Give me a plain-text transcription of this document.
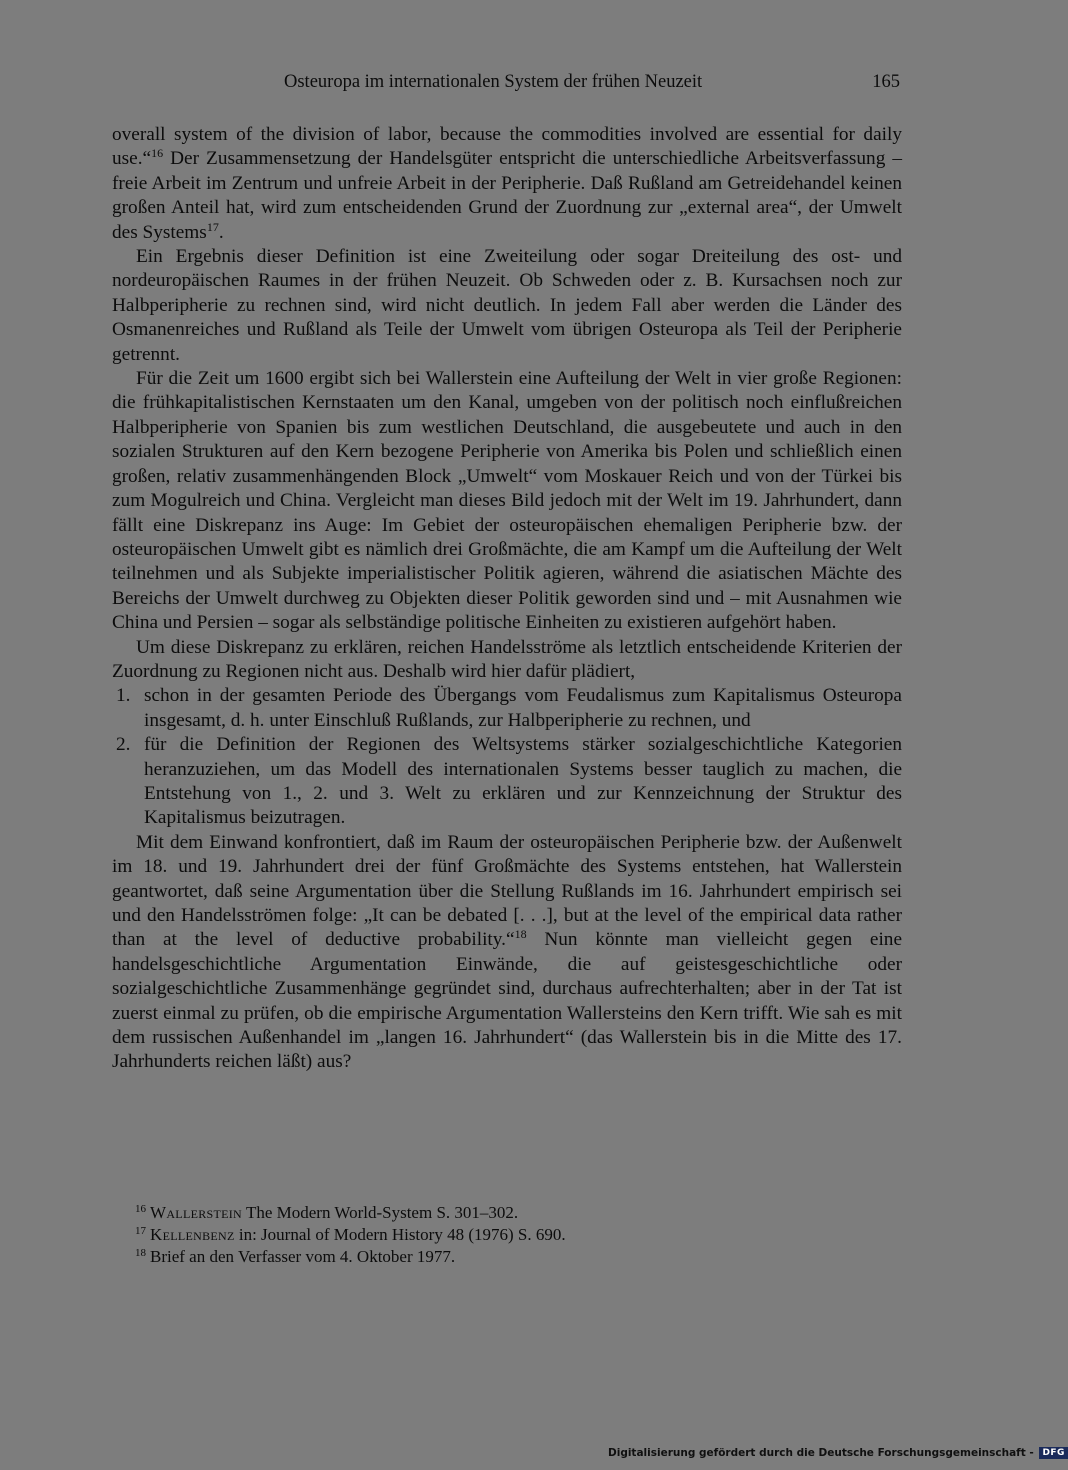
Osteuropa im internationalen System der frühen Neuzeit	165

overall system of the division of labor, because the commodities involved are essential for daily use.“$^{16}$ Der Zusammensetzung der Handelsgüter entspricht die unterschiedliche Arbeitsverfassung – freie Arbeit im Zentrum und unfreie Arbeit in der Peripherie. Daß Rußland am Getreidehandel keinen großen Anteil hat, wird zum entscheidenden Grund der Zuordnung zur „external area“, der Umwelt des Systems$^{17}$.

Ein Ergebnis dieser Definition ist eine Zweiteilung oder sogar Dreiteilung des ost- und nordeuropäischen Raumes in der frühen Neuzeit. Ob Schweden oder z. B. Kursachsen noch zur Halbperipherie zu rechnen sind, wird nicht deutlich. In jedem Fall aber werden die Länder des Osmanenreiches und Rußland als Teile der Umwelt vom übrigen Osteuropa als Teil der Peripherie getrennt.

Für die Zeit um 1600 ergibt sich bei Wallerstein eine Aufteilung der Welt in vier große Regionen: die frühkapitalistischen Kernstaaten um den Kanal, umgeben von der politisch noch einflußreichen Halbperipherie von Spanien bis zum westlichen Deutschland, die ausgebeutete und auch in den sozialen Strukturen auf den Kern bezogene Peripherie von Amerika bis Polen und schließlich einen großen, relativ zusammenhängenden Block „Umwelt“ vom Moskauer Reich und von der Türkei bis zum Mogulreich und China. Vergleicht man dieses Bild jedoch mit der Welt im 19. Jahrhundert, dann fällt eine Diskrepanz ins Auge: Im Gebiet der osteuropäischen ehemaligen Peripherie bzw. der osteuropäischen Umwelt gibt es nämlich drei Großmächte, die am Kampf um die Aufteilung der Welt teilnehmen und als Subjekte imperialistischer Politik agieren, während die asiatischen Mächte des Bereichs der Umwelt durchweg zu Objekten dieser Politik geworden sind und – mit Ausnahmen wie China und Persien – sogar als selbständige politische Einheiten zu existieren aufgehört haben.

Um diese Diskrepanz zu erklären, reichen Handelsströme als letztlich entscheidende Kriterien der Zuordnung zu Regionen nicht aus. Deshalb wird hier dafür plädiert,

1. schon in der gesamten Periode des Übergangs vom Feudalismus zum Kapitalismus Osteuropa insgesamt, d. h. unter Einschluß Rußlands, zur Halbperipherie zu rechnen, und
2. für die Definition der Regionen des Weltsystems stärker sozialgeschichtliche Kategorien heranzuziehen, um das Modell des internationalen Systems besser tauglich zu machen, die Entstehung von 1., 2. und 3. Welt zu erklären und zur Kennzeichnung der Struktur des Kapitalismus beizutragen.

Mit dem Einwand konfrontiert, daß im Raum der osteuropäischen Peripherie bzw. der Außenwelt im 18. und 19. Jahrhundert drei der fünf Großmächte des Systems entstehen, hat Wallerstein geantwortet, daß seine Argumentation über die Stellung Rußlands im 16. Jahrhundert empirisch sei und den Handelsströmen folge: „It can be debated [. . .], but at the level of the empirical data rather than at the level of deductive probability.“$^{18}$ Nun könnte man vielleicht gegen eine handelsgeschichtliche Argumentation Einwände, die auf geistesgeschichtliche oder sozialgeschichtliche Zusammenhänge gegründet sind, durchaus aufrechterhalten; aber in der Tat ist zuerst einmal zu prüfen, ob die empirische Argumentation Wallersteins den Kern trifft. Wie sah es mit dem russischen Außenhandel im „langen 16. Jahrhundert“ (das Wallerstein bis in die Mitte des 17. Jahrhunderts reichen läßt) aus?

$^{16}$ Wallerstein The Modern World-System S. 301–302.

$^{17}$ Kellenbenz in: Journal of Modern History 48 (1976) S. 690.

$^{18}$ Brief an den Verfasser vom 4. Oktober 1977.

Digitalisierung gefördert durch die Deutsche Forschungsgemeinschaft - DFG
